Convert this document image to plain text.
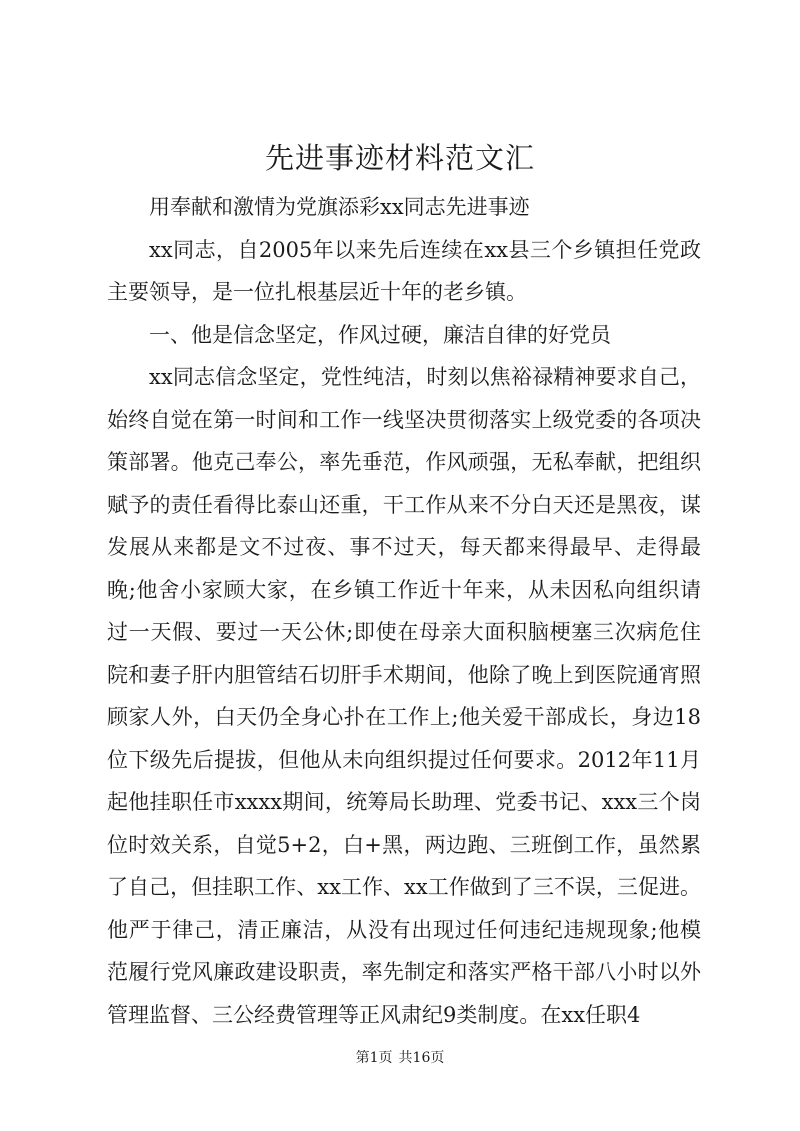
先进事迹材料范文汇

用奉献和激情为党旗添彩xx同志先进事迹

xx同志，自2005年以来先后连续在xx县三个乡镇担任党政主要领导，是一位扎根基层近十年的老乡镇。

一、他是信念坚定，作风过硬，廉洁自律的好党员

xx同志信念坚定，党性纯洁，时刻以焦裕禄精神要求自己，始终自觉在第一时间和工作一线坚决贯彻落实上级党委的各项决策部署。他克己奉公，率先垂范，作风顽强，无私奉献，把组织赋予的责任看得比泰山还重，干工作从来不分白天还是黑夜，谋发展从来都是文不过夜、事不过天，每天都来得最早、走得最晚;他舍小家顾大家，在乡镇工作近十年来，从未因私向组织请过一天假、要过一天公休;即使在母亲大面积脑梗塞三次病危住院和妻子肝内胆管结石切肝手术期间，他除了晚上到医院通宵照顾家人外，白天仍全身心扑在工作上;他关爱干部成长，身边18位下级先后提拔，但他从未向组织提过任何要求。2012年11月起他挂职任市xxxx期间，统筹局长助理、党委书记、xxx三个岗位时效关系，自觉5+2，白+黑，两边跑、三班倒工作，虽然累了自己，但挂职工作、xx工作、xx工作做到了三不误，三促进。他严于律己，清正廉洁，从没有出现过任何违纪违规现象;他模范履行党风廉政建设职责，率先制定和落实严格干部八小时以外管理监督、三公经费管理等正风肃纪9类制度。在xx任职4

第1页 共16页
